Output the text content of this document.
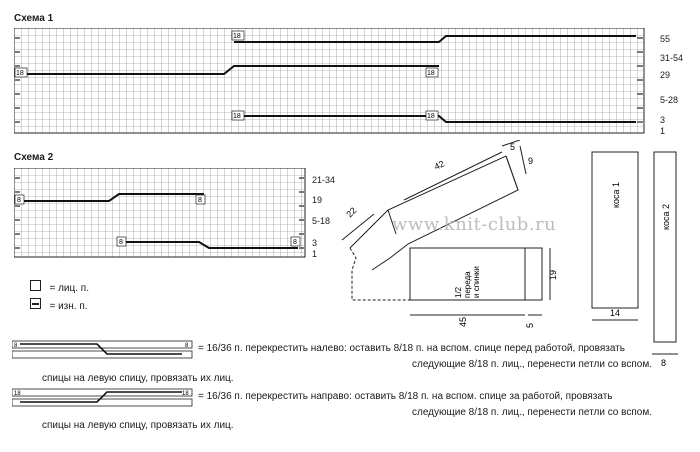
Схема 1
18
18	18
18	18
55
31-54
29
5-28
3
1
Схема 2
8	8
8	8
21-34
19
5-18
3
1
= лиц. п.
= изн. п.
42
5
9
22
19
45	5
14
8
1/2 переда и спинки
коса 1
коса 2
www.knit-club.ru
8	8 = 16/36 п. перекрестить налево: оставить 8/18 п. на вспом. спице перед работой, провязать
следующие 8/18 п. лиц., перенести петли со вспом.
спицы на левую спицу, провязать их лиц.
18	18 = 16/36 п. перекрестить направо: оставить 8/18 п. на вспом. спице за работой, провязать
следующие 8/18 п. лиц., перенести петли со вспом.
спицы на левую спицу, провязать их лиц.
